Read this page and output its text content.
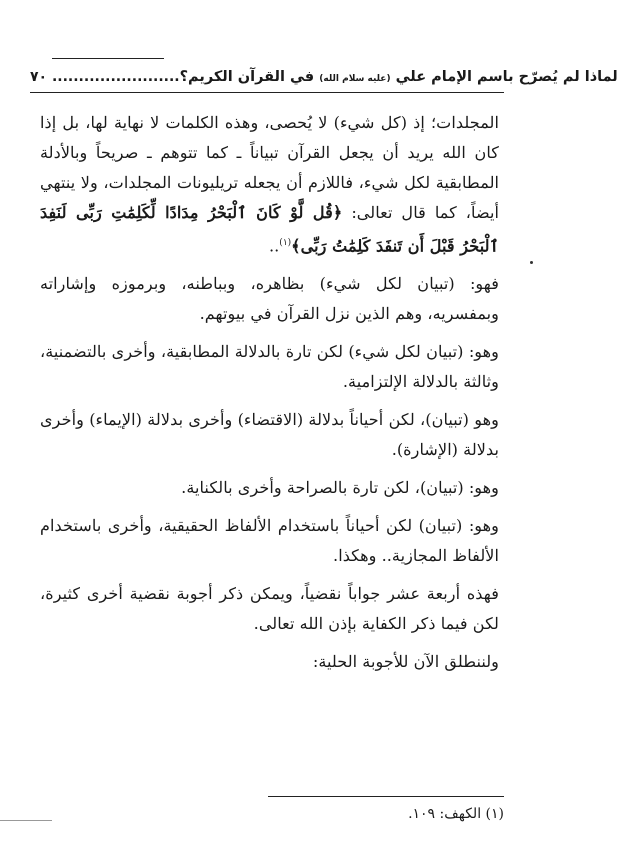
٧٠ ........................	لماذا لم يُصرّح باسم الإمام علي (عليه سلام الله) في القرآن الكريم؟

المجلدات؛ إذ (كل شيء) لا يُحصى، وهذه الكلمات لا نهاية لها، بل إذا كان الله يريد أن يجعل القرآن تبياناً ـ كما تتوهم ـ صريحاً وبالأدلة المطابقية لكل شيء، فاللازم أن يجعله تريليونات المجلدات، ولا ينتهي أيضاً، كما قال تعالى: ﴿قُل لَّوْ كَانَ ٱلْبَحْرُ مِدَادًا لِّكَلِمَٰتِ رَبِّى لَنَفِدَ ٱلْبَحْرُ قَبْلَ أَن تَنفَدَ كَلِمَٰتُ رَبِّى﴾$^{(١)}$..

فهو: (تبيان لكل شيء) بظاهره، وبباطنه، وبرموزه وإشاراته وبمفسريه، وهم الذين نزل القرآن في بيوتهم.

وهو: (تبيان لكل شيء) لكن تارة بالدلالة المطابقية، وأخرى بالتضمنية، وثالثة بالدلالة الإلتزامية.

وهو (تبيان)، لكن أحياناً بدلالة (الاقتضاء) وأخرى بدلالة (الإيماء) وأخرى بدلالة (الإشارة).

وهو: (تبيان)، لكن تارة بالصراحة وأخرى بالكناية.

وهو: (تبيان) لكن أحياناً باستخدام الألفاظ الحقيقية، وأخرى باستخدام الألفاظ المجازية.. وهكذا.

فهذه أربعة عشر جواباً نقضياً، ويمكن ذكر أجوبة نقضية أخرى كثيرة، لكن فيما ذكر الكفاية بإذن الله تعالى.

ولننطلق الآن للأجوبة الحلية:

(١) الكهف: ١٠٩.
